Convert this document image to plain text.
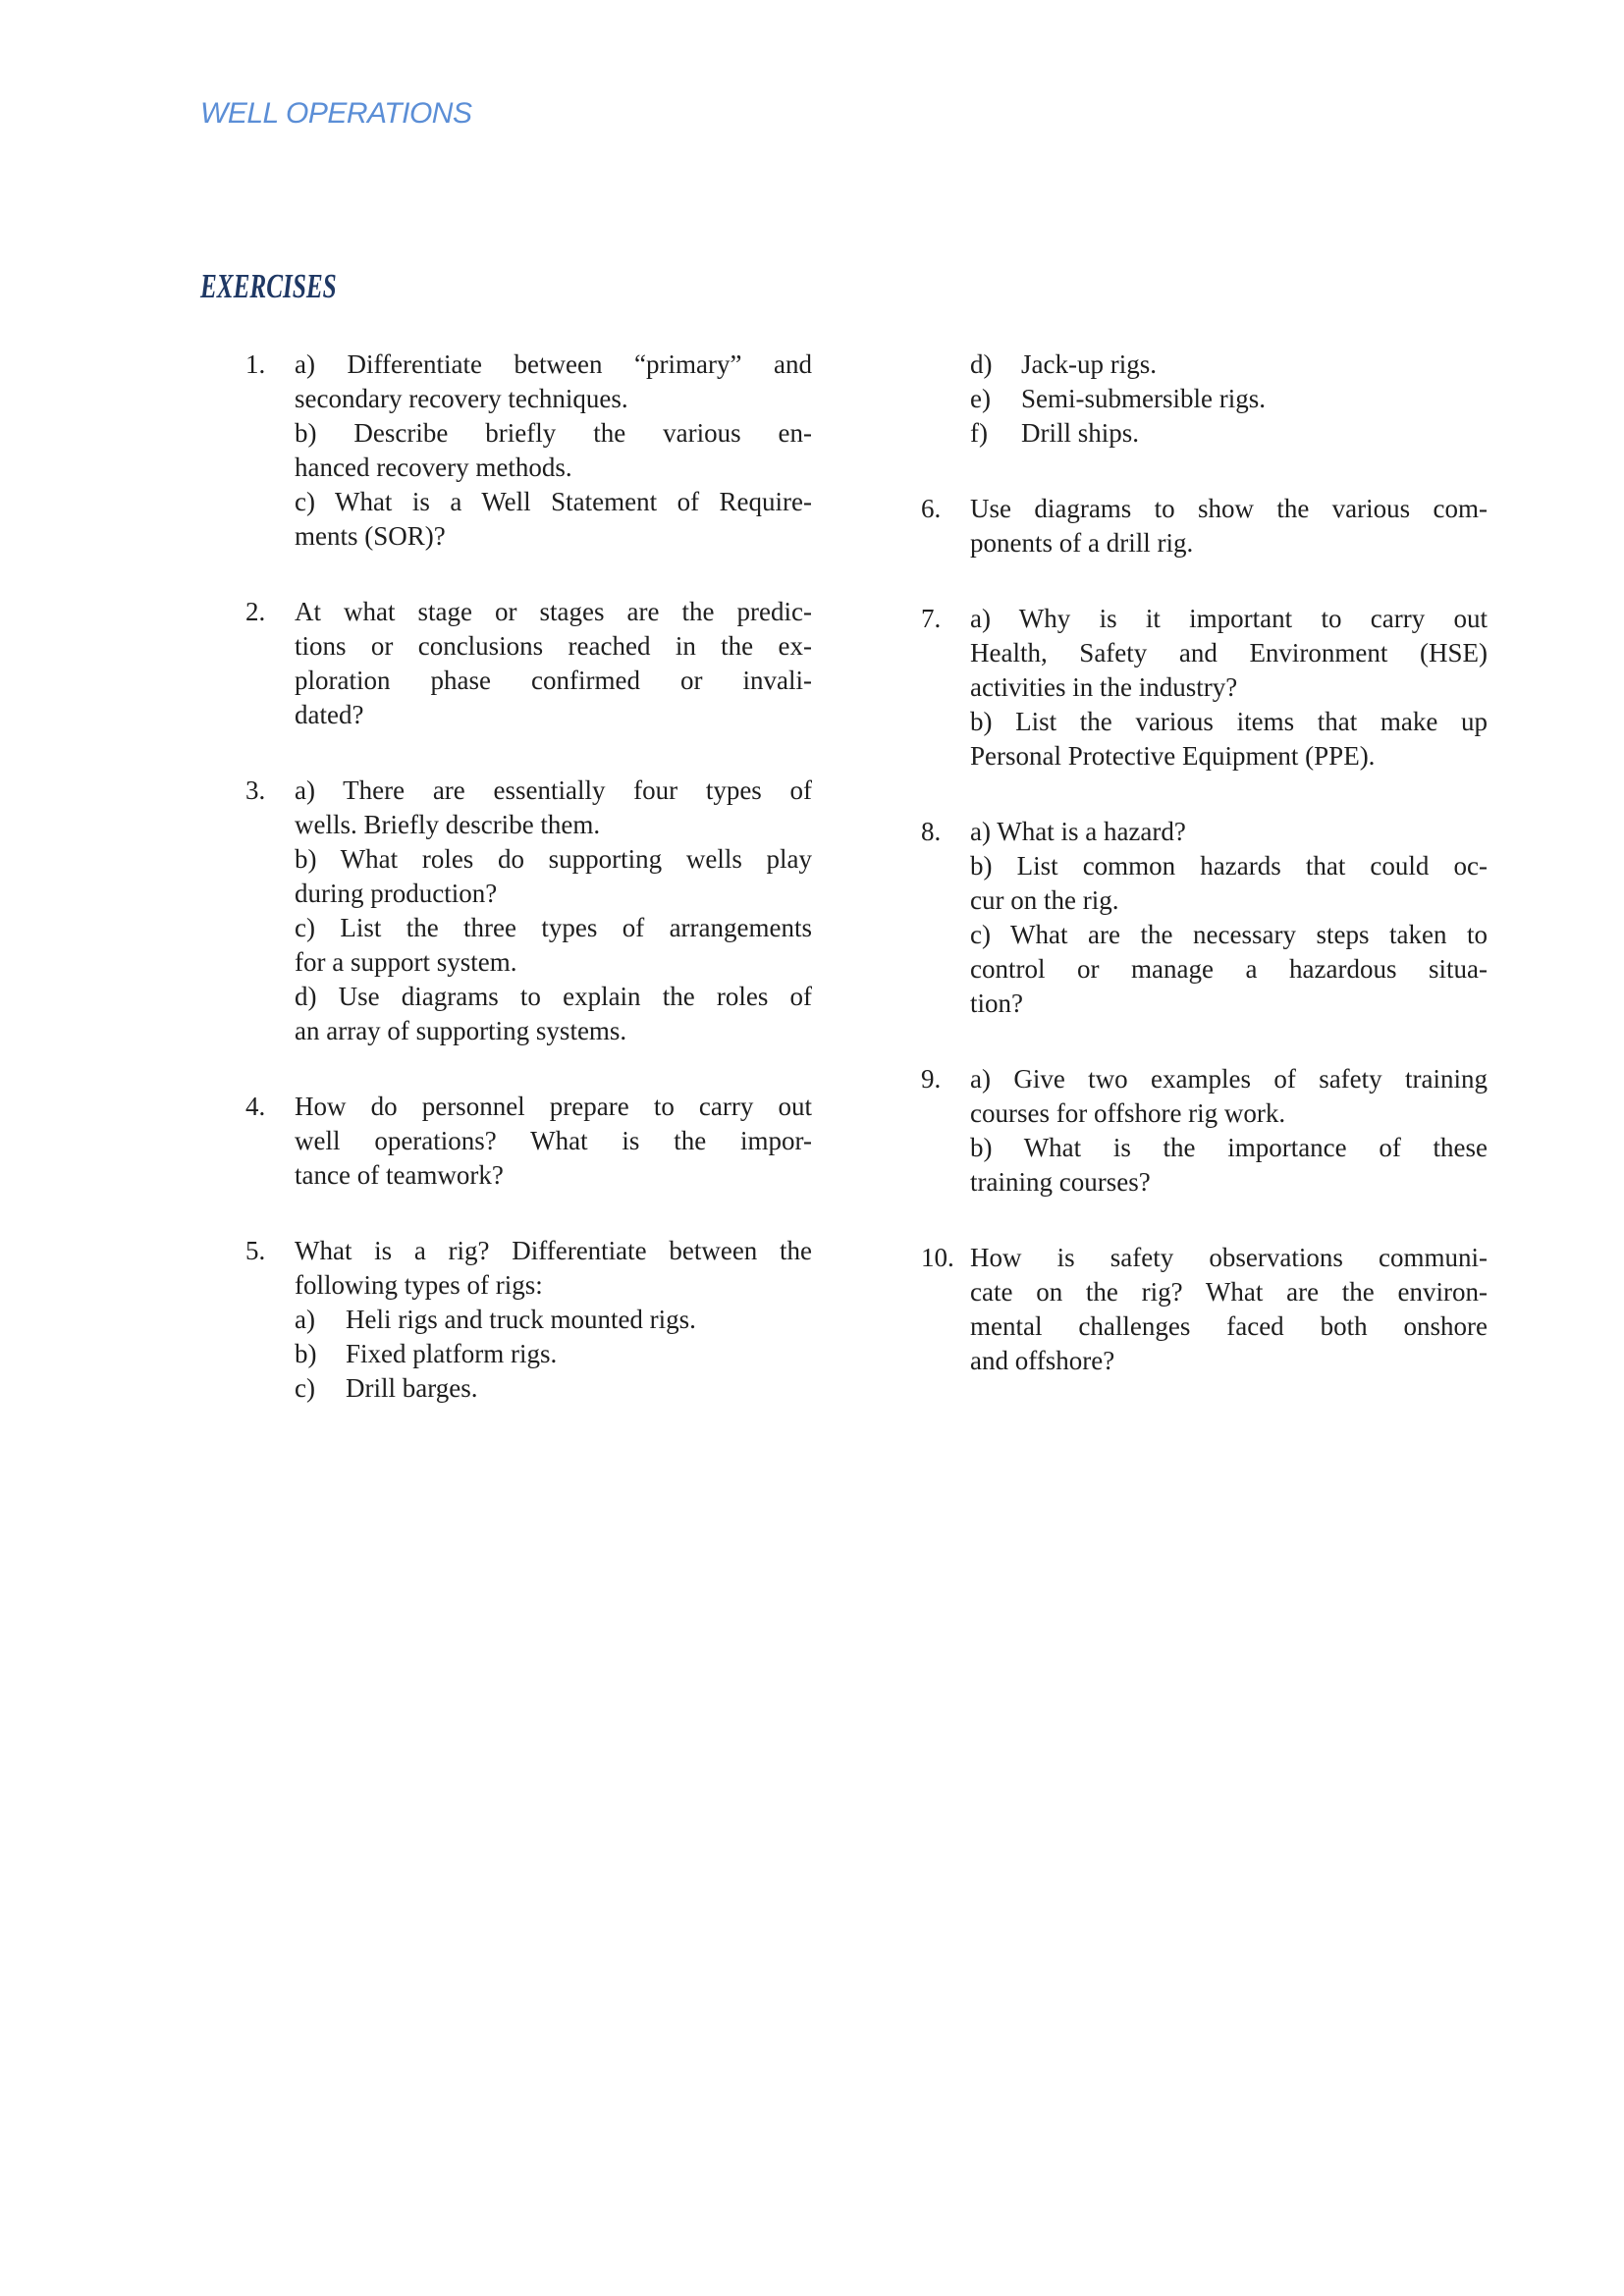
WELL OPERATIONS
EXERCISES
1.	a) Differentiate between “primary” and
secondary recovery techniques.
b) Describe briefly the various en-
hanced recovery methods.
c) What is a Well Statement of Require-
ments (SOR)?
2.	At what stage or stages are the predic-
tions or conclusions reached in the ex-
ploration phase confirmed or invali-
dated?
3.	a) There are essentially four types of
wells. Briefly describe them.
b) What roles do supporting wells play
during production?
c) List the three types of arrangements
for a support system.
d) Use diagrams to explain the roles of
an array of supporting systems.
4.	How do personnel prepare to carry out
well operations? What is the impor-
tance of teamwork?
5.	What is a rig? Differentiate between the
following types of rigs:
a) Heli rigs and truck mounted rigs.
b) Fixed platform rigs.
c) Drill barges.
d) Jack-up rigs.
e) Semi-submersible rigs.
f) Drill ships.
6.	Use diagrams to show the various com-
ponents of a drill rig.
7.	a) Why is it important to carry out
Health, Safety and Environment (HSE)
activities in the industry?
b) List the various items that make up
Personal Protective Equipment (PPE).
8.	a) What is a hazard?
b) List common hazards that could oc-
cur on the rig.
c) What are the necessary steps taken to
control or manage a hazardous situa-
tion?
9.	a) Give two examples of safety training
courses for offshore rig work.
b) What is the importance of these
training courses?
10. How is safety observations communi-
cate on the rig? What are the environ-
mental challenges faced both onshore
and offshore?
